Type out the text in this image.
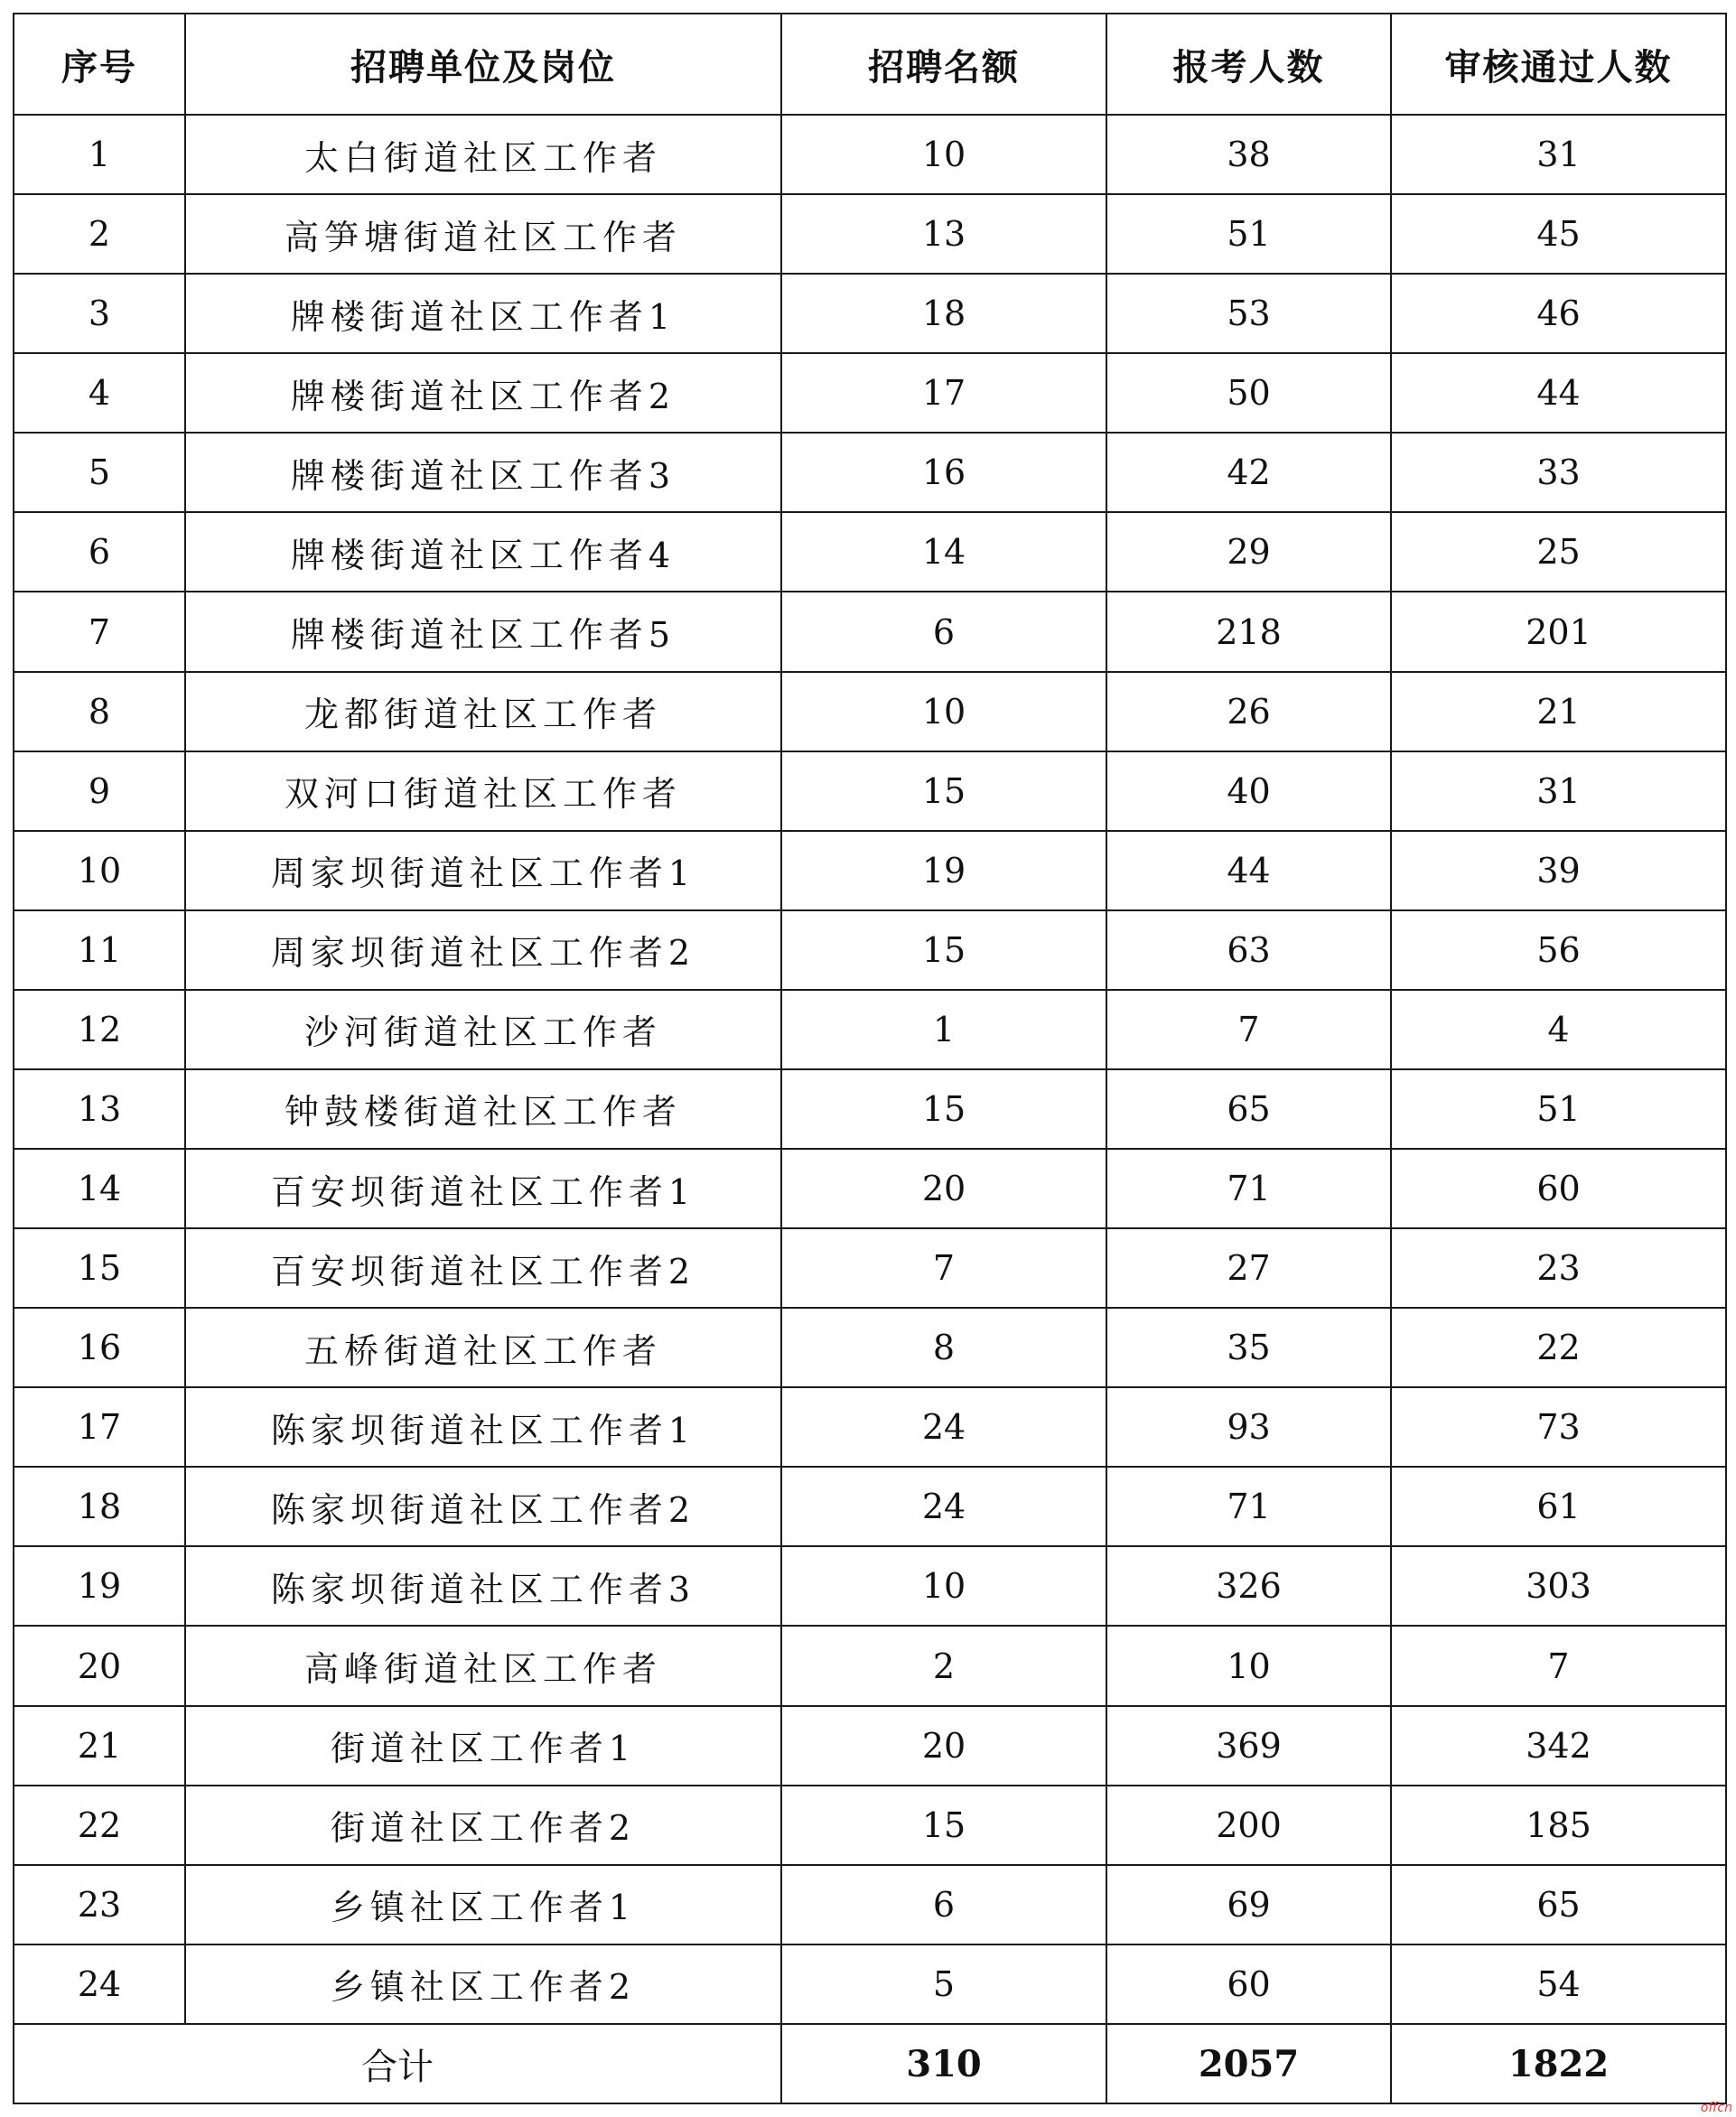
序号	招聘单位及岗位	招聘名额	报考人数	审核通过人数
1	太白街道社区工作者	10	38	31
2	高笋塘街道社区工作者	13	51	45
3	牌楼街道社区工作者1	18	53	46
4	牌楼街道社区工作者2	17	50	44
5	牌楼街道社区工作者3	16	42	33
6	牌楼街道社区工作者4	14	29	25
7	牌楼街道社区工作者5	6	218	201
8	龙都街道社区工作者	10	26	21
9	双河口街道社区工作者	15	40	31
10	周家坝街道社区工作者1	19	44	39
11	周家坝街道社区工作者2	15	63	56
12	沙河街道社区工作者	1	7	4
13	钟鼓楼街道社区工作者	15	65	51
14	百安坝街道社区工作者1	20	71	60
15	百安坝街道社区工作者2	7	27	23
16	五桥街道社区工作者	8	35	22
17	陈家坝街道社区工作者1	24	93	73
18	陈家坝街道社区工作者2	24	71	61
19	陈家坝街道社区工作者3	10	326	303
20	高峰街道社区工作者	2	10	7
21	街道社区工作者1	20	369	342
22	街道社区工作者2	15	200	185
23	乡镇社区工作者1	6	69	65
24	乡镇社区工作者2	5	60	54
合计		310	2057	1822
offcn
